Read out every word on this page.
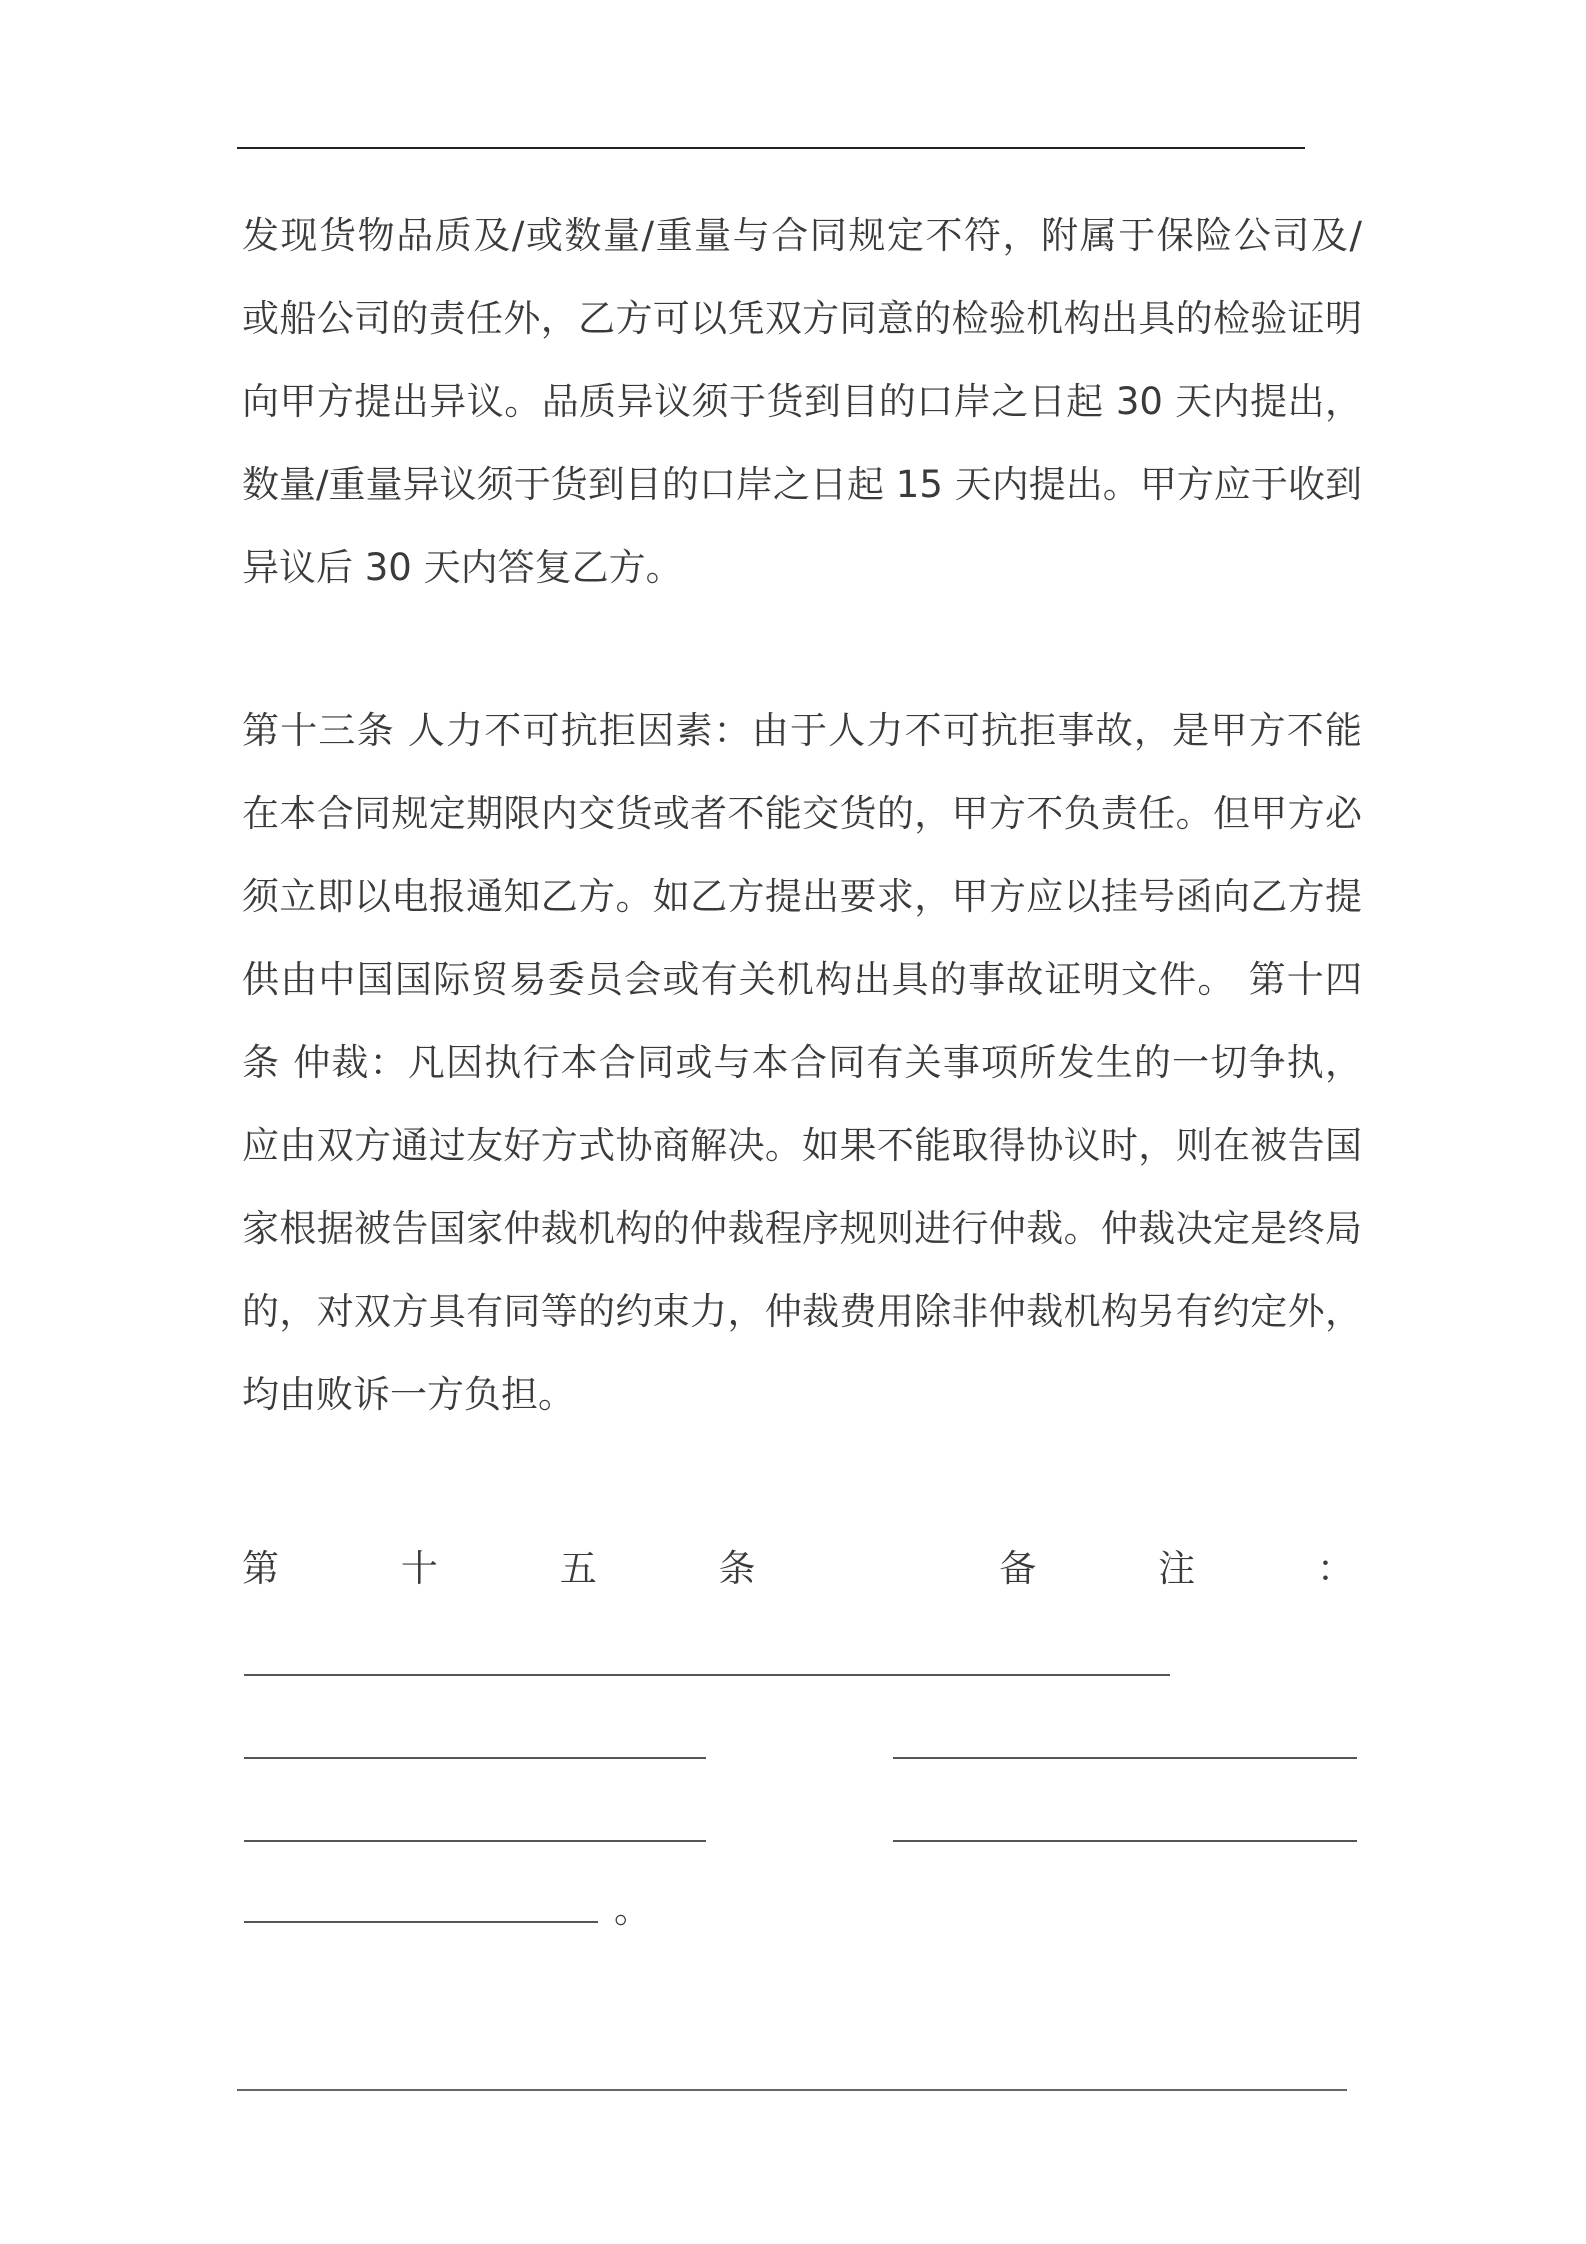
发现货物品质及/或数量/重量与合同规定不符，附属于保险公司及/
或船公司的责任外，乙方可以凭双方同意的检验机构出具的检验证明
向甲方提出异议。品质异议须于货到目的口岸之日起 30 天内提出，
数量/重量异议须于货到目的口岸之日起 15 天内提出。甲方应于收到
异议后 30 天内答复乙方。
第十三条 人力不可抗拒因素：由于人力不可抗拒事故，是甲方不能
在本合同规定期限内交货或者不能交货的，甲方不负责任。但甲方必
须立即以电报通知乙方。如乙方提出要求，甲方应以挂号函向乙方提
供由中国国际贸易委员会或有关机构出具的事故证明文件。 第十四
条 仲裁：凡因执行本合同或与本合同有关事项所发生的一切争执，
应由双方通过友好方式协商解决。如果不能取得协议时，则在被告国
家根据被告国家仲裁机构的仲裁程序规则进行仲裁。仲裁决定是终局
的，对双方具有同等的约束力，仲裁费用除非仲裁机构另有约定外，
均由败诉一方负担。
第	十	五	条	备	注	：
。
